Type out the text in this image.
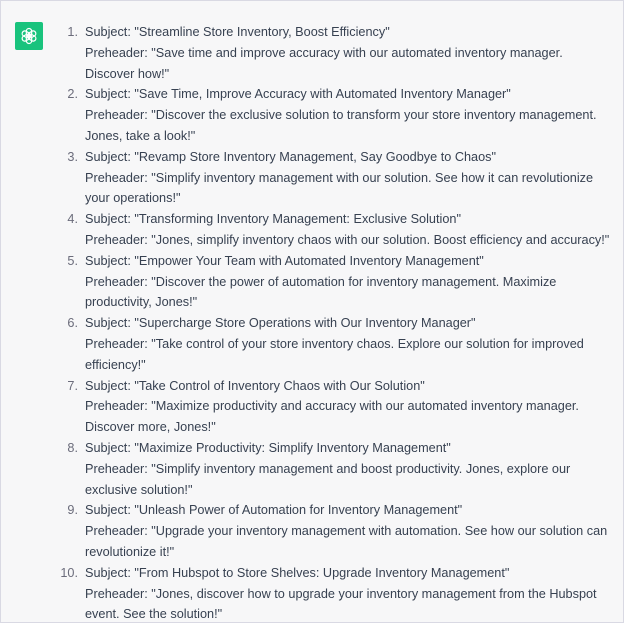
1. Subject: "Streamline Store Inventory, Boost Efficiency"
Preheader: "Save time and improve accuracy with our automated inventory manager. Discover how!"
2. Subject: "Save Time, Improve Accuracy with Automated Inventory Manager"
Preheader: "Discover the exclusive solution to transform your store inventory management. Jones, take a look!"
3. Subject: "Revamp Store Inventory Management, Say Goodbye to Chaos"
Preheader: "Simplify inventory management with our solution. See how it can revolutionize your operations!"
4. Subject: "Transforming Inventory Management: Exclusive Solution"
Preheader: "Jones, simplify inventory chaos with our solution. Boost efficiency and accuracy!"
5. Subject: "Empower Your Team with Automated Inventory Management"
Preheader: "Discover the power of automation for inventory management. Maximize productivity, Jones!"
6. Subject: "Supercharge Store Operations with Our Inventory Manager"
Preheader: "Take control of your store inventory chaos. Explore our solution for improved efficiency!"
7. Subject: "Take Control of Inventory Chaos with Our Solution"
Preheader: "Maximize productivity and accuracy with our automated inventory manager. Discover more, Jones!"
8. Subject: "Maximize Productivity: Simplify Inventory Management"
Preheader: "Simplify inventory management and boost productivity. Jones, explore our exclusive solution!"
9. Subject: "Unleash Power of Automation for Inventory Management"
Preheader: "Upgrade your inventory management with automation. See how our solution can revolutionize it!"
10. Subject: "From Hubspot to Store Shelves: Upgrade Inventory Management"
Preheader: "Jones, discover how to upgrade your inventory management from the Hubspot event. See the solution!"
